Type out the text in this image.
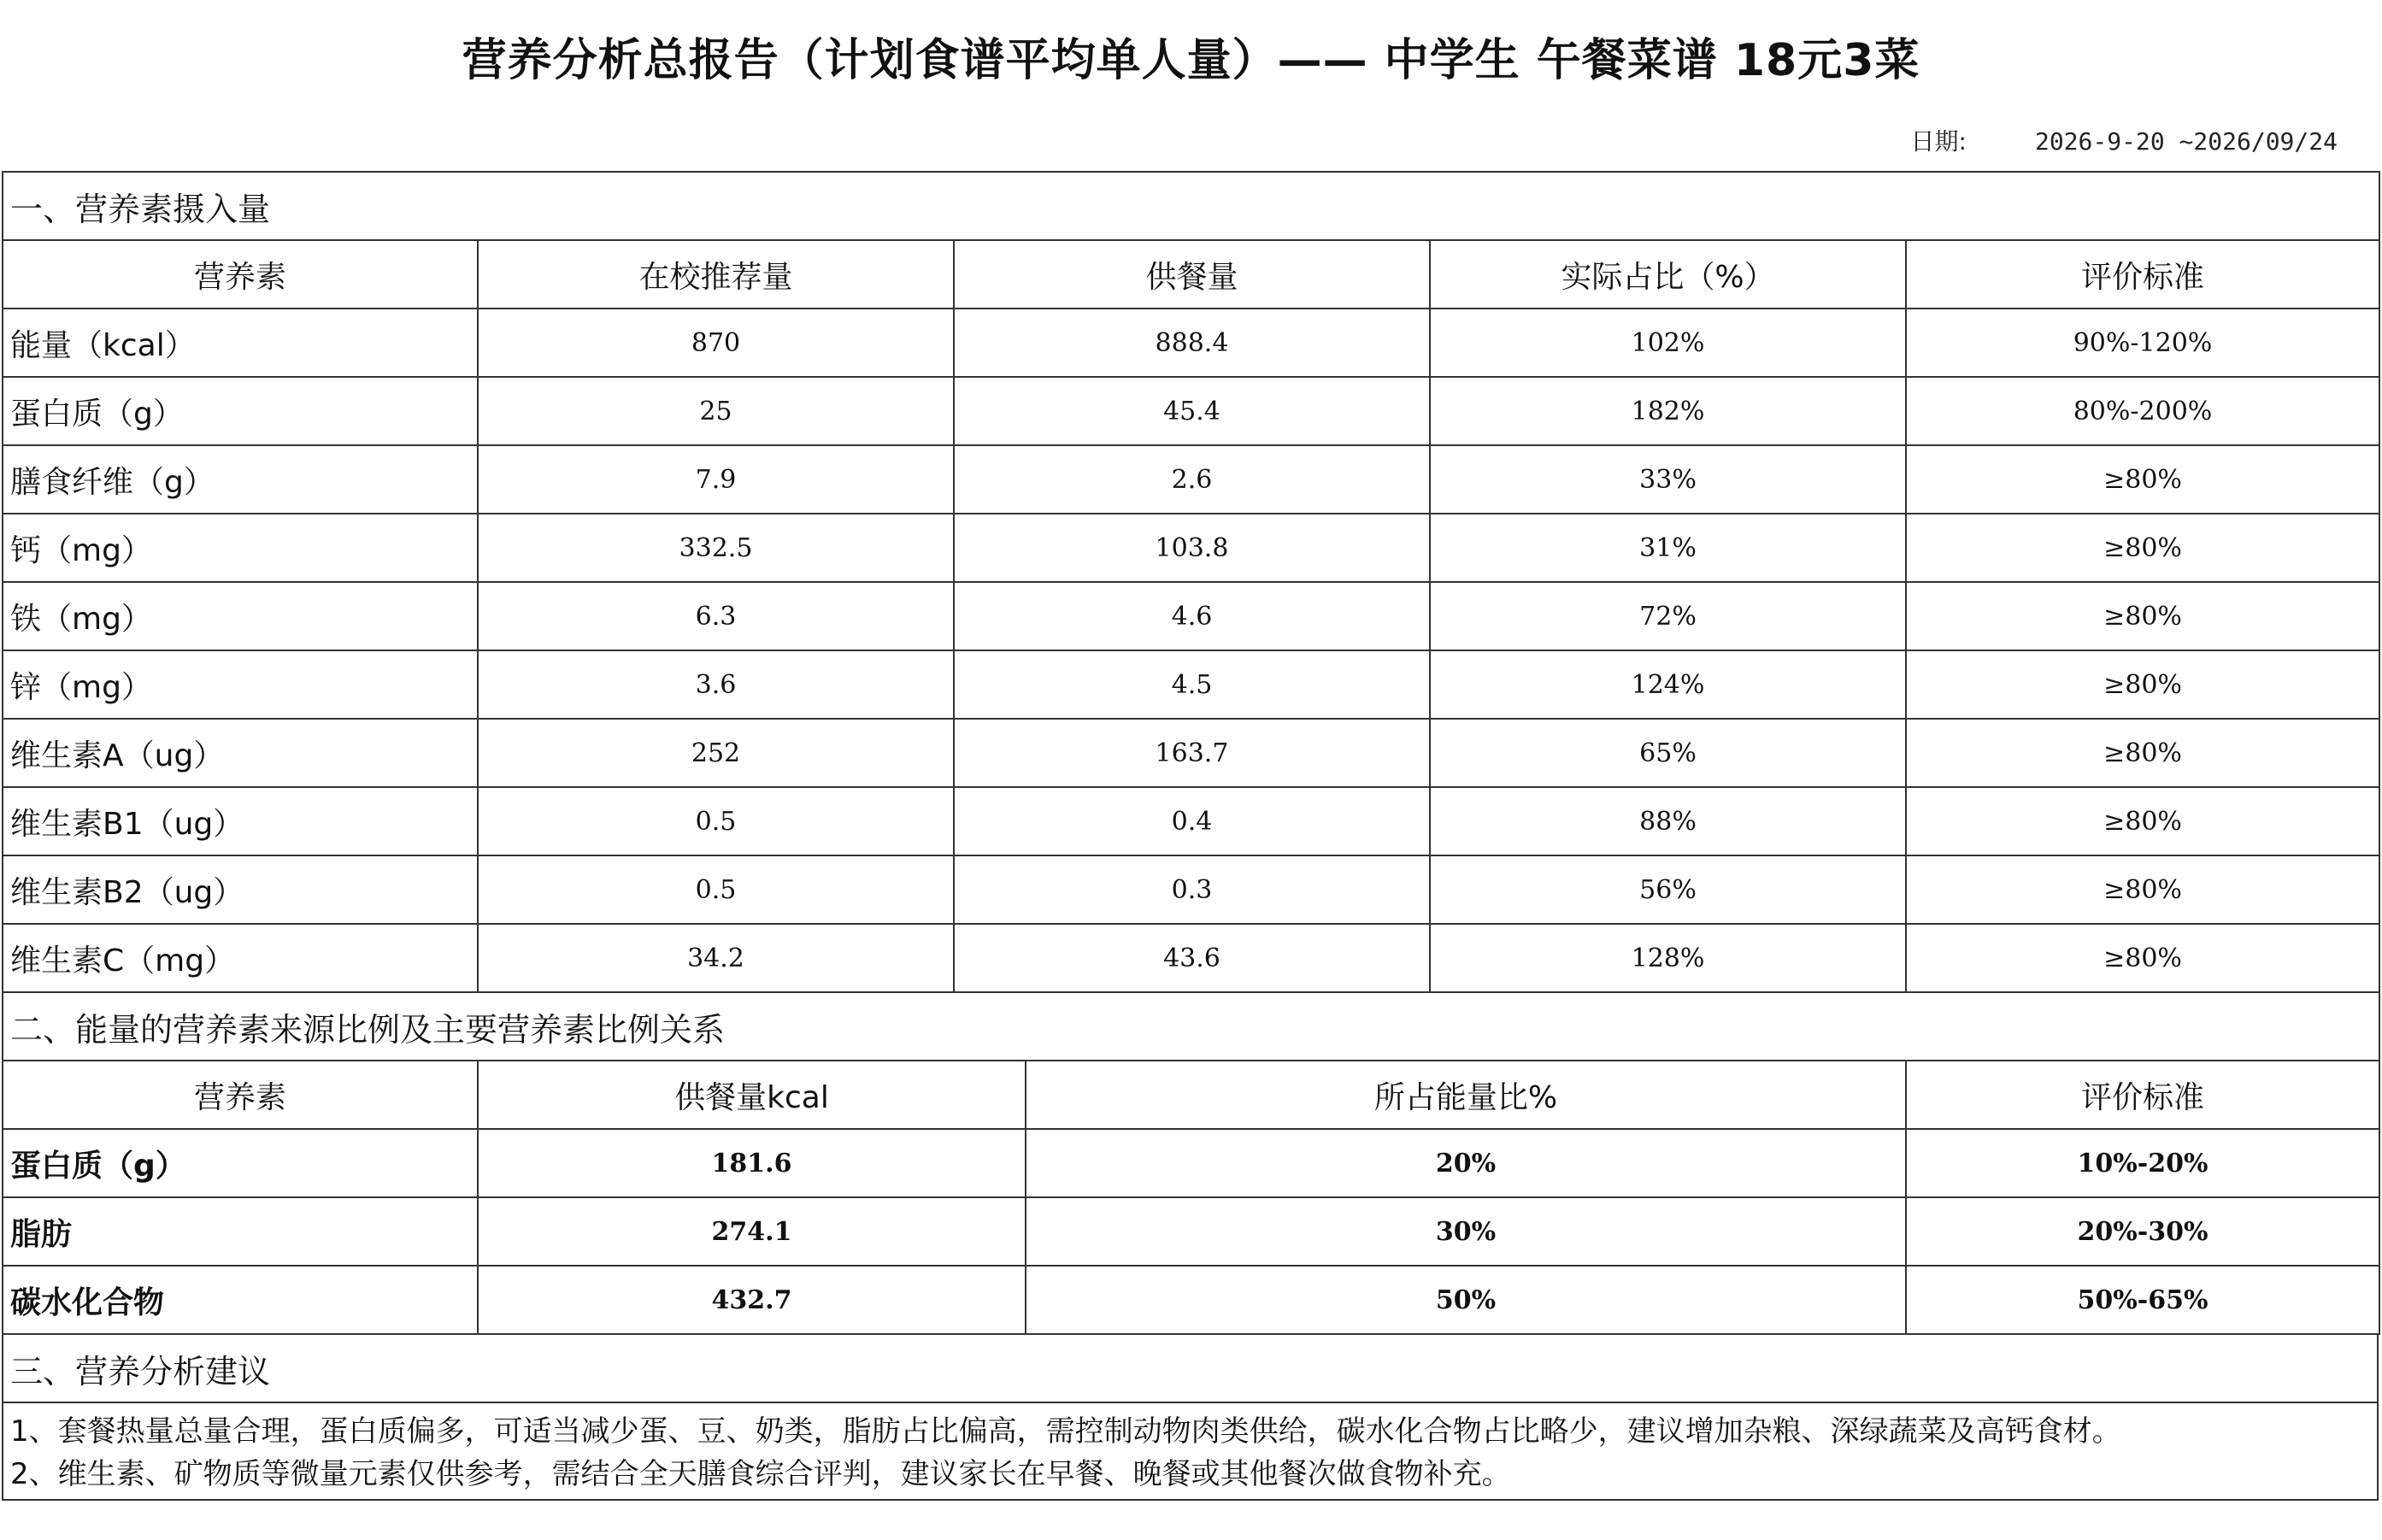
营养分析总报告（计划食谱平均单人量）—— 中学生 午餐菜谱 18元3菜
日期:	2026-9-20 ~2026/09/24
一、营养素摄入量				
营养素	在校推荐量	供餐量	实际占比（%）	评价标准
能量（kcal）	870	888.4	102%	90%-120%
蛋白质（g）	25	45.4	182%	80%-200%
膳食纤维（g）	7.9	2.6	33%	≥80%
钙（mg）	332.5	103.8	31%	≥80%
铁（mg）	6.3	4.6	72%	≥80%
锌（mg）	3.6	4.5	124%	≥80%
维生素A（ug）	252	163.7	65%	≥80%
维生素B1（ug）	0.5	0.4	88%	≥80%
维生素B2（ug）	0.5	0.3	56%	≥80%
维生素C（mg）	34.2	43.6	128%	≥80%
二、能量的营养素来源比例及主要营养素比例关系			
营养素	供餐量kcal	所占能量比%	评价标准
蛋白质（g）	181.6	20%	10%-20%
脂肪	274.1	30%	20%-30%
碳水化合物	432.7	50%	50%-65%
三、营养分析建议

1、套餐热量总量合理，蛋白质偏多，可适当减少蛋、豆、奶类，脂肪占比偏高，需控制动物肉类供给，碳水化合物占比略少，建议增加杂粮、深绿蔬菜及高钙食材。

2、维生素、矿物质等微量元素仅供参考，需结合全天膳食综合评判，建议家长在早餐、晚餐或其他餐次做食物补充。
